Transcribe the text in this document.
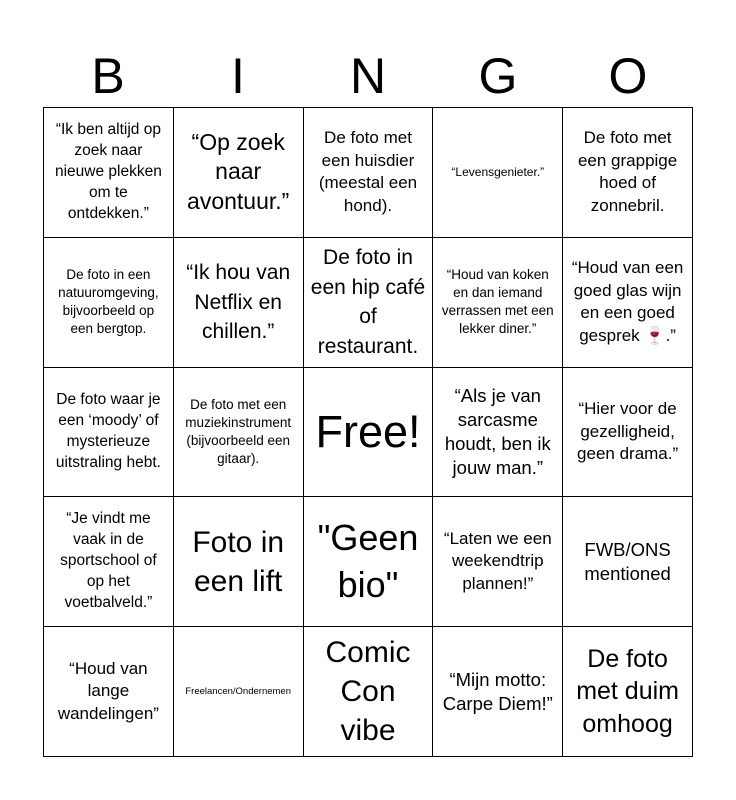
B	I	N	G	O
“Ik ben altijd op zoek naar nieuwe plekken om te ontdekken.”
“Op zoek naar avontuur.”
De foto met een huisdier (meestal een hond).
“Levensgenieter.”
De foto met een grappige hoed of zonnebril.
De foto in een natuuromgeving, bijvoorbeeld op een bergtop.
“Ik hou van Netflix en chillen.”
De foto in een hip café of restaurant.
“Houd van koken en dan iemand verrassen met een lekker diner.”
“Houd van een goed glas wijn en een goed gesprek 🍷.”
De foto waar je een ‘moody’ of mysterieuze uitstraling hebt.
De foto met een muziekinstrument (bijvoorbeeld een gitaar).
Free!
“Als je van sarcasme houdt, ben ik jouw man.”
“Hier voor de gezelligheid, geen drama.”
“Je vindt me vaak in de sportschool of op het voetbalveld.”
Foto in een lift
"Geen bio"
“Laten we een weekendtrip plannen!”
FWB/ONS mentioned
“Houd van lange wandelingen”
Freelancen/Ondernemen
Comic Con vibe
“Mijn motto: Carpe Diem!”
De foto met duim omhoog
